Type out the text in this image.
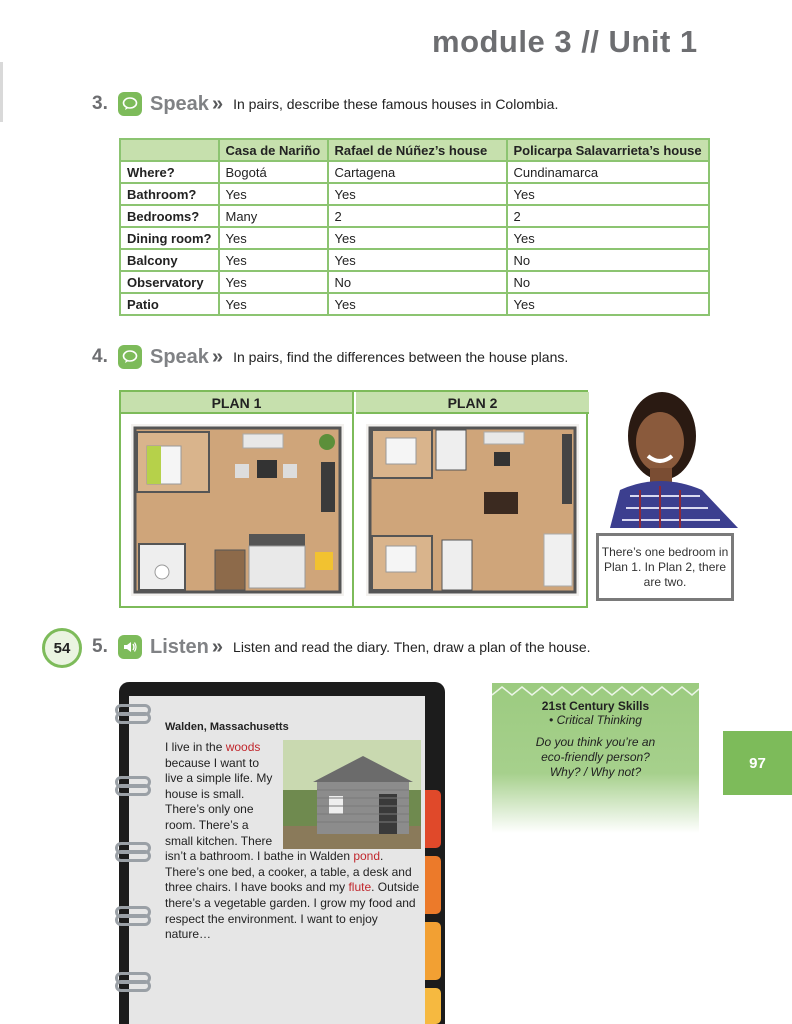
module 3 // Unit 1
3.	Speak » In pairs, describe these famous houses in Colombia.
	Casa de Nariño	Rafael de Núñez’s house	Policarpa Salavarrieta’s house
Where?	Bogotá	Cartagena	Cundinamarca
Bathroom?	Yes	Yes	Yes
Bedrooms?	Many	2	2
Dining room?	Yes	Yes	Yes
Balcony	Yes	Yes	No
Observatory	Yes	No	No
Patio	Yes	Yes	Yes
4.	Speak » In pairs, find the differences between the house plans.
PLAN 1	PLAN 2
There’s one bedroom in Plan 1. In Plan 2, there are two.
54	5.	Listen » Listen and read the diary. Then, draw a plan of the house.
Walden, Massachusetts
I live in the woods because I want to live a simple life. My house is small. There’s only one room. There’s a small kitchen. There isn’t a bathroom. I bathe in Walden pond. There’s one bed, a cooker, a table, a desk and three chairs. I have books and my flute. Outside there’s a vegetable garden. I grow my food and respect the environment. I want to enjoy nature…
21st Century Skills
• Critical Thinking
Do you think you’re an
eco-friendly person?
Why? / Why not?
97
